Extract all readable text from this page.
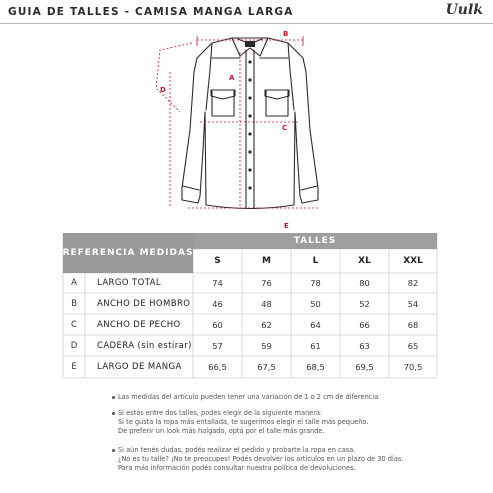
GUIA DE TALLES - CAMISA MANGA LARGA	Uulk
A
B
C
D
E
REFERENCIA MEDIDAS
TALLES
S	M	L	XL	XXL
A	LARGO TOTAL	74	76	78	80	82
B	ANCHO DE HOMBRO	46	48	50	52	54
C	ANCHO DE PECHO	60	62	64	66	68
D	CADERA (sin estirar)	57	59	61	63	65
E	LARGO DE MANGA	66,5	67,5	68,5	69,5	70,5
Las medidas del artículo pueden tener una variación de 1 o 2 cm de diferencia
Si estás entre dos talles, podes elegir de la siguiente manera:
Si te gusta la ropa más entallada, te sugerimos elegir el talle más pequeño.
De preferir un look más holgado, optá por el talle más grande.
Si aún tenés dudas, podés realizar el pedido y probarte la ropa en casa.
¿No es tu talle? ¡No te preocupes! Podés devolver los artículos en un plazo de 30 días.
Para más información podés consultar nuestra política de devoluciones.
